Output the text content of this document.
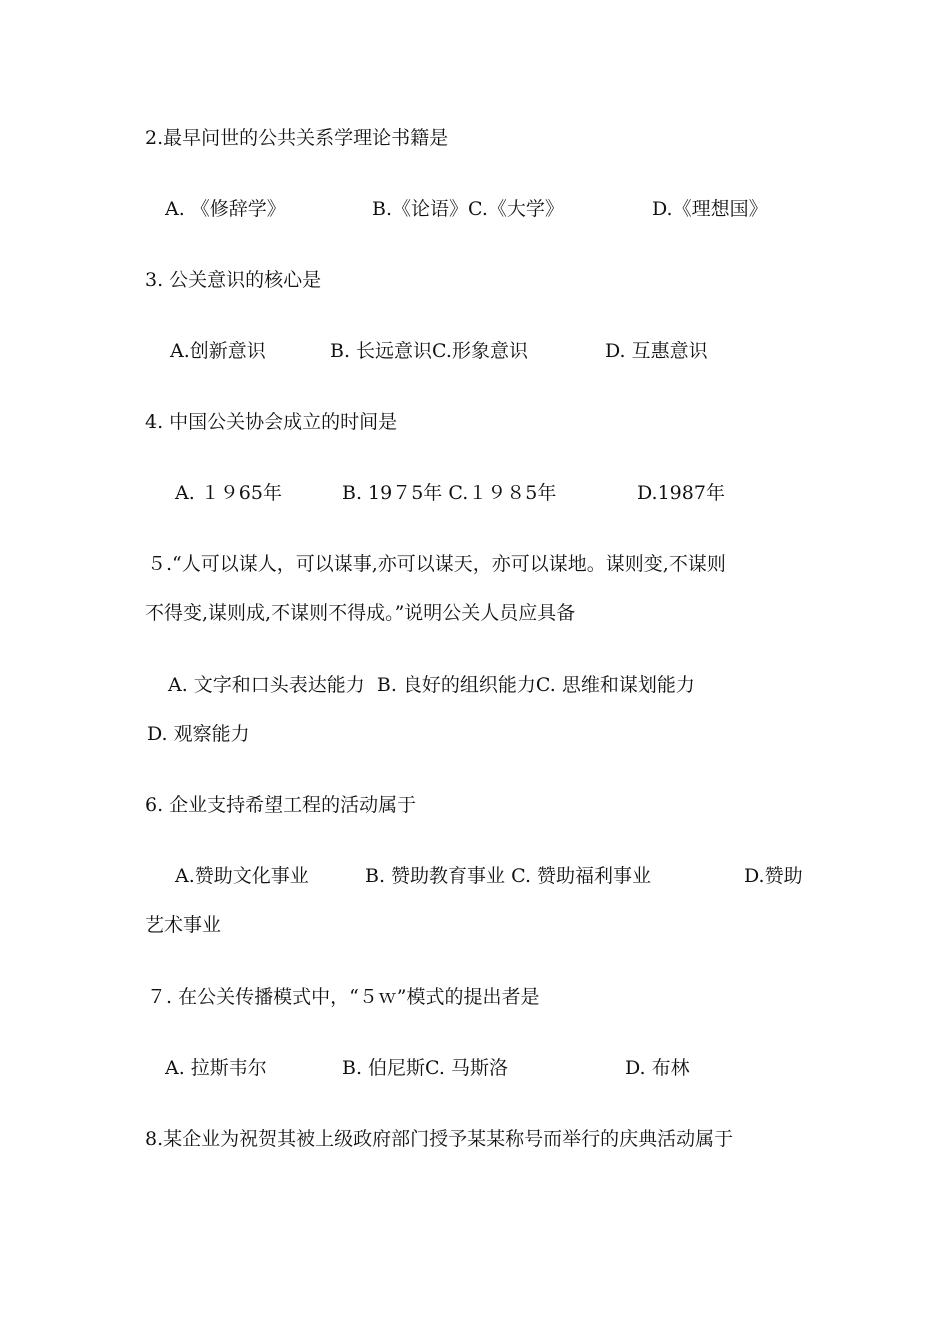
2.最早问世的公共关系学理论书籍是
A. 《修辞学》	B.《论语》C.《大学》	D.《理想国》
3. 公关意识的核心是
A.创新意识	B. 长远意识C.形象意识	D. 互惠意识
4. 中国公关协会成立的时间是
A. １９65年	B. 19７5年 C.１９８5年	D.1987年
５.“人可以谋人，可以谋事,亦可以谋天，亦可以谋地。谋则变,不谋则
不得变,谋则成,不谋则不得成。”说明公关人员应具备
A. 文字和口头表达能力  B. 良好的组织能力C. 思维和谋划能力
D. 观察能力
6. 企业支持希望工程的活动属于
A.赞助文化事业	B. 赞助教育事业 C. 赞助福利事业	D.赞助
艺术事业
７. 在公关传播模式中，“５ｗ”模式的提出者是
A. 拉斯韦尔	B. 伯尼斯C. 马斯洛	D. 布林
8.某企业为祝贺其被上级政府部门授予某某称号而举行的庆典活动属于
